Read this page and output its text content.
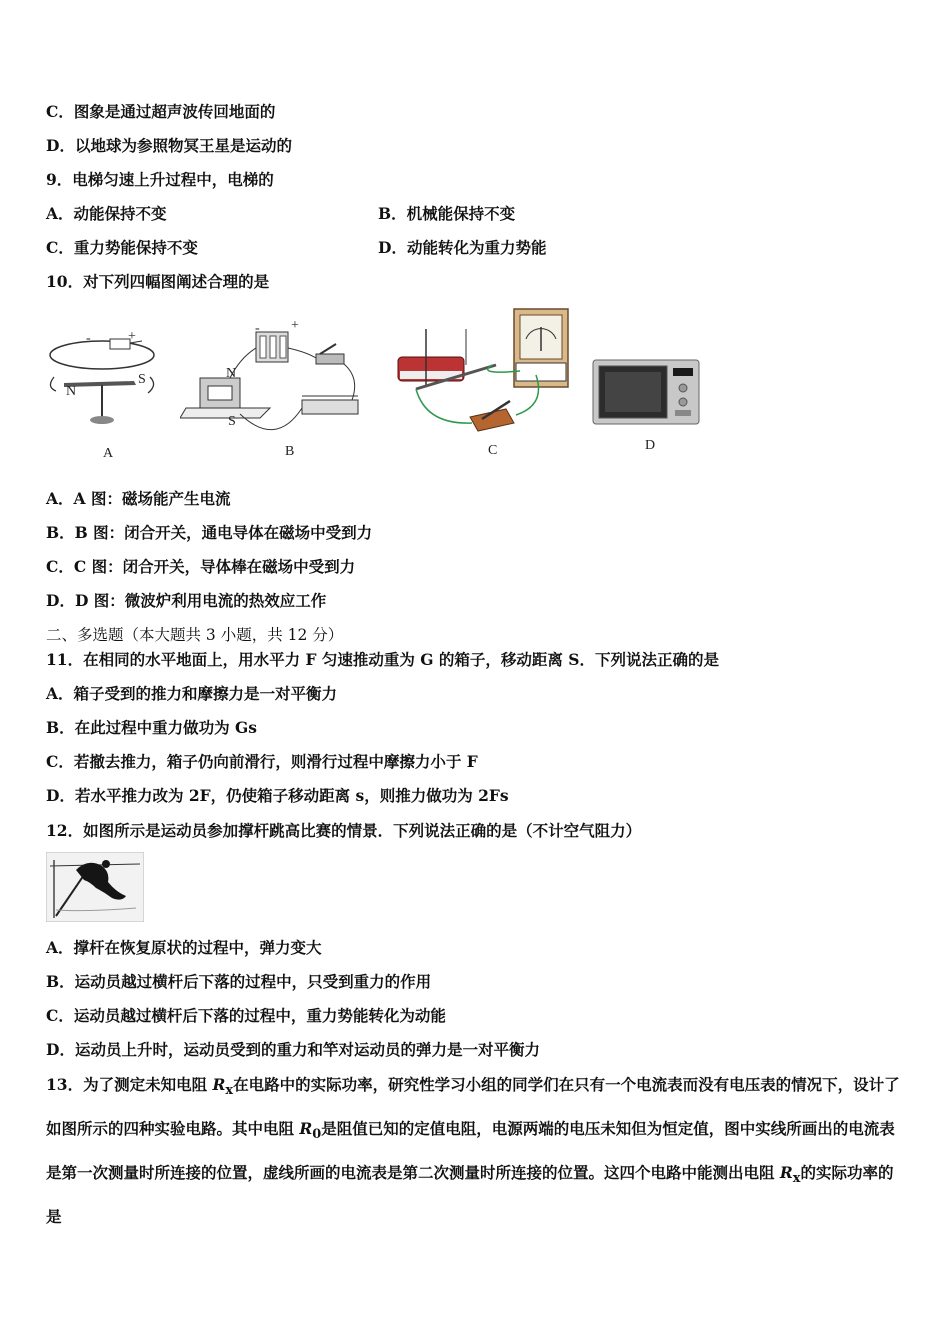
C．图象是通过超声波传回地面的
D．以地球为参照物冥王星是运动的
9．电梯匀速上升过程中，电梯的
A．动能保持不变	B．机械能保持不变
C．重力势能保持不变	D．动能转化为重力势能
10．对下列四幅图阐述合理的是
-	+
N
S
A
N
S
- +
B	C	D
A．A 图：磁场能产生电流
B．B 图：闭合开关，通电导体在磁场中受到力
C．C 图：闭合开关，导体棒在磁场中受到力
D．D 图：微波炉利用电流的热效应工作
二、多选题（本大题共 3 小题，共 12 分）
11．在相同的水平地面上，用水平力 F 匀速推动重为 G 的箱子，移动距离 S．下列说法正确的是
A．箱子受到的推力和摩擦力是一对平衡力
B．在此过程中重力做功为 Gs
C．若撤去推力，箱子仍向前滑行，则滑行过程中摩擦力小于 F
D．若水平推力改为 2F，仍使箱子移动距离 s，则推力做功为 2Fs
12．如图所示是运动员参加撑杆跳高比赛的情景．下列说法正确的是（不计空气阻力）
A．撑杆在恢复原状的过程中，弹力变大
B．运动员越过横杆后下落的过程中，只受到重力的作用
C．运动员越过横杆后下落的过程中，重力势能转化为动能
D．运动员上升时，运动员受到的重力和竿对运动员的弹力是一对平衡力
13．为了测定未知电阻 $R_x$在电路中的实际功率，研究性学习小组的同学们在只有一个电流表而没有电压表的情况下，设计了如图所示的四种实验电路。其中电阻 $R_0$是阻值已知的定值电阻，电源两端的电压未知但为恒定值，图中实线所画出的电流表是第一次测量时所连接的位置，虚线所画的电流表是第二次测量时所连接的位置。这四个电路中能测出电阻 $R_x$的实际功率的是
